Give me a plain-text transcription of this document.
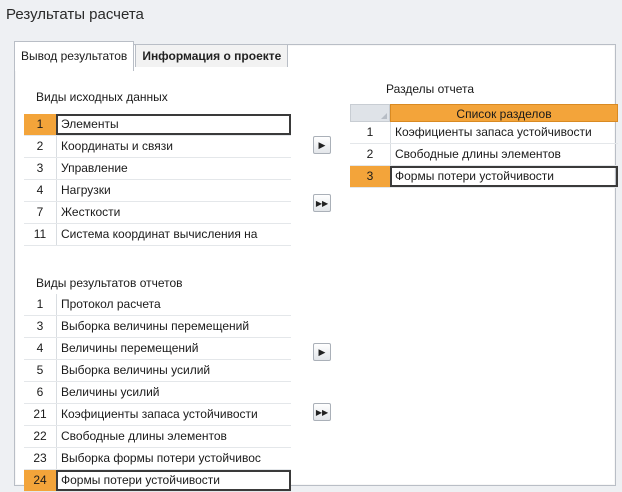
Результаты расчета
Вывод результатов	Информация о проекте
Виды исходных данных
1	Элементы
2	Координаты и связи
3	Управление
4	Нагрузки
7	Жесткости
11	Система координат вычисления на
▶
▶▶
Разделы отчета
Список разделов
1	Коэфициенты запаса устойчивости
2	Свободные длины элементов
3	Формы потери устойчивости
Виды результатов отчетов
1	Протокол расчета
3	Выборка величины перемещений
4	Величины перемещений
5	Выборка величины усилий
6	Величины усилий
21	Коэфициенты запаса устойчивости
22	Свободные длины элементов
23	Выборка формы потери устойчивос
24	Формы потери устойчивости
▶
▶▶
